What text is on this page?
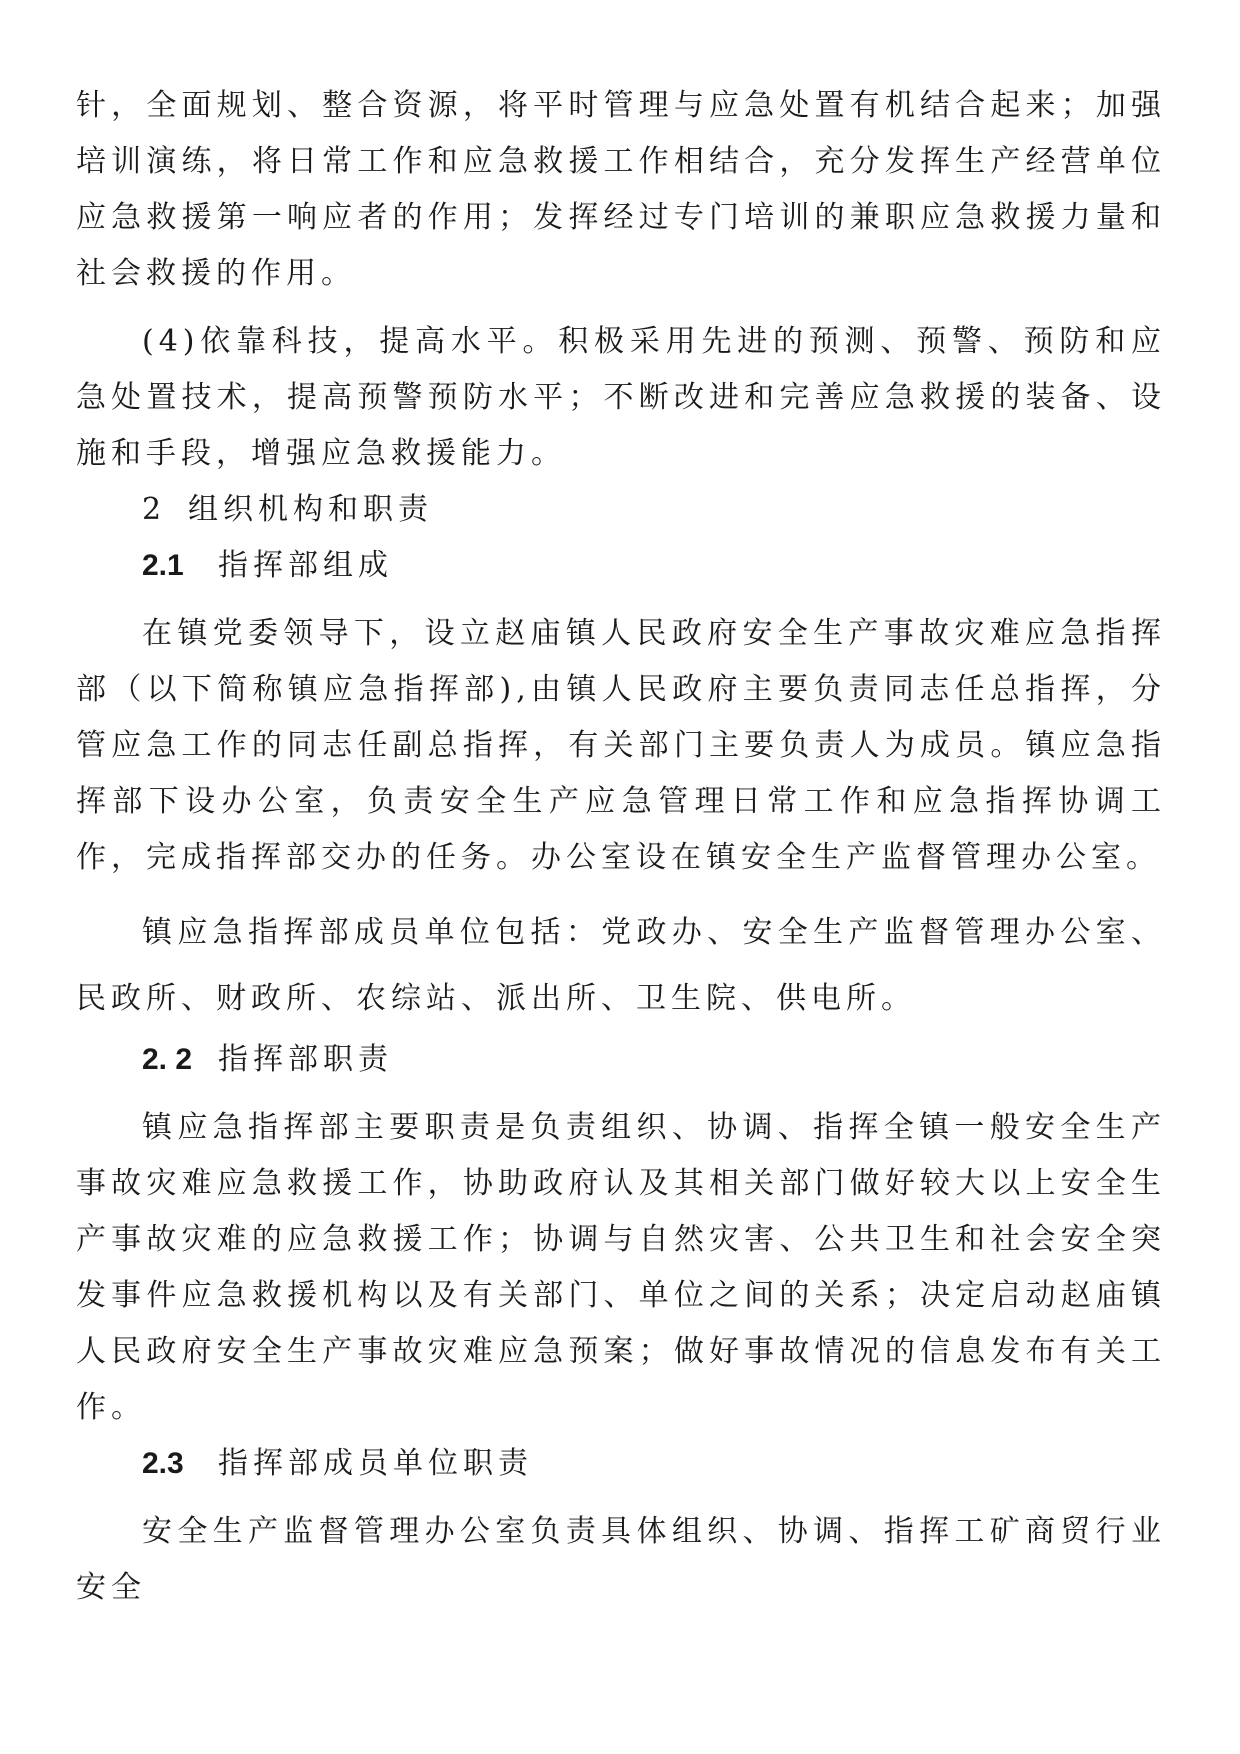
针，全面规划、整合资源，将平时管理与应急处置有机结合起来；加强培训演练，将日常工作和应急救援工作相结合，充分发挥生产经营单位应急救援第一响应者的作用；发挥经过专门培训的兼职应急救援力量和社会救援的作用。

(4)依靠科技，提高水平。积极采用先进的预测、预警、预防和应急处置技术，提高预警预防水平；不断改进和完善应急救援的装备、设施和手段，增强应急救援能力。

2 组织机构和职责

2.1 指挥部组成

在镇党委领导下，设立赵庙镇人民政府安全生产事故灾难应急指挥部（以下简称镇应急指挥部),由镇人民政府主要负责同志任总指挥，分管应急工作的同志任副总指挥，有关部门主要负责人为成员。镇应急指挥部下设办公室，负责安全生产应急管理日常工作和应急指挥协调工作，完成指挥部交办的任务。办公室设在镇安全生产监督管理办公室。

镇应急指挥部成员单位包括：党政办、安全生产监督管理办公室、民政所、财政所、农综站、派出所、卫生院、供电所。

2. 2 指挥部职责

镇应急指挥部主要职责是负责组织、协调、指挥全镇一般安全生产事故灾难应急救援工作，协助政府认及其相关部门做好较大以上安全生产事故灾难的应急救援工作；协调与自然灾害、公共卫生和社会安全突发事件应急救援机构以及有关部门、单位之间的关系；决定启动赵庙镇人民政府安全生产事故灾难应急预案；做好事故情况的信息发布有关工作。

2.3 指挥部成员单位职责

安全生产监督管理办公室负责具体组织、协调、指挥工矿商贸行业安全
